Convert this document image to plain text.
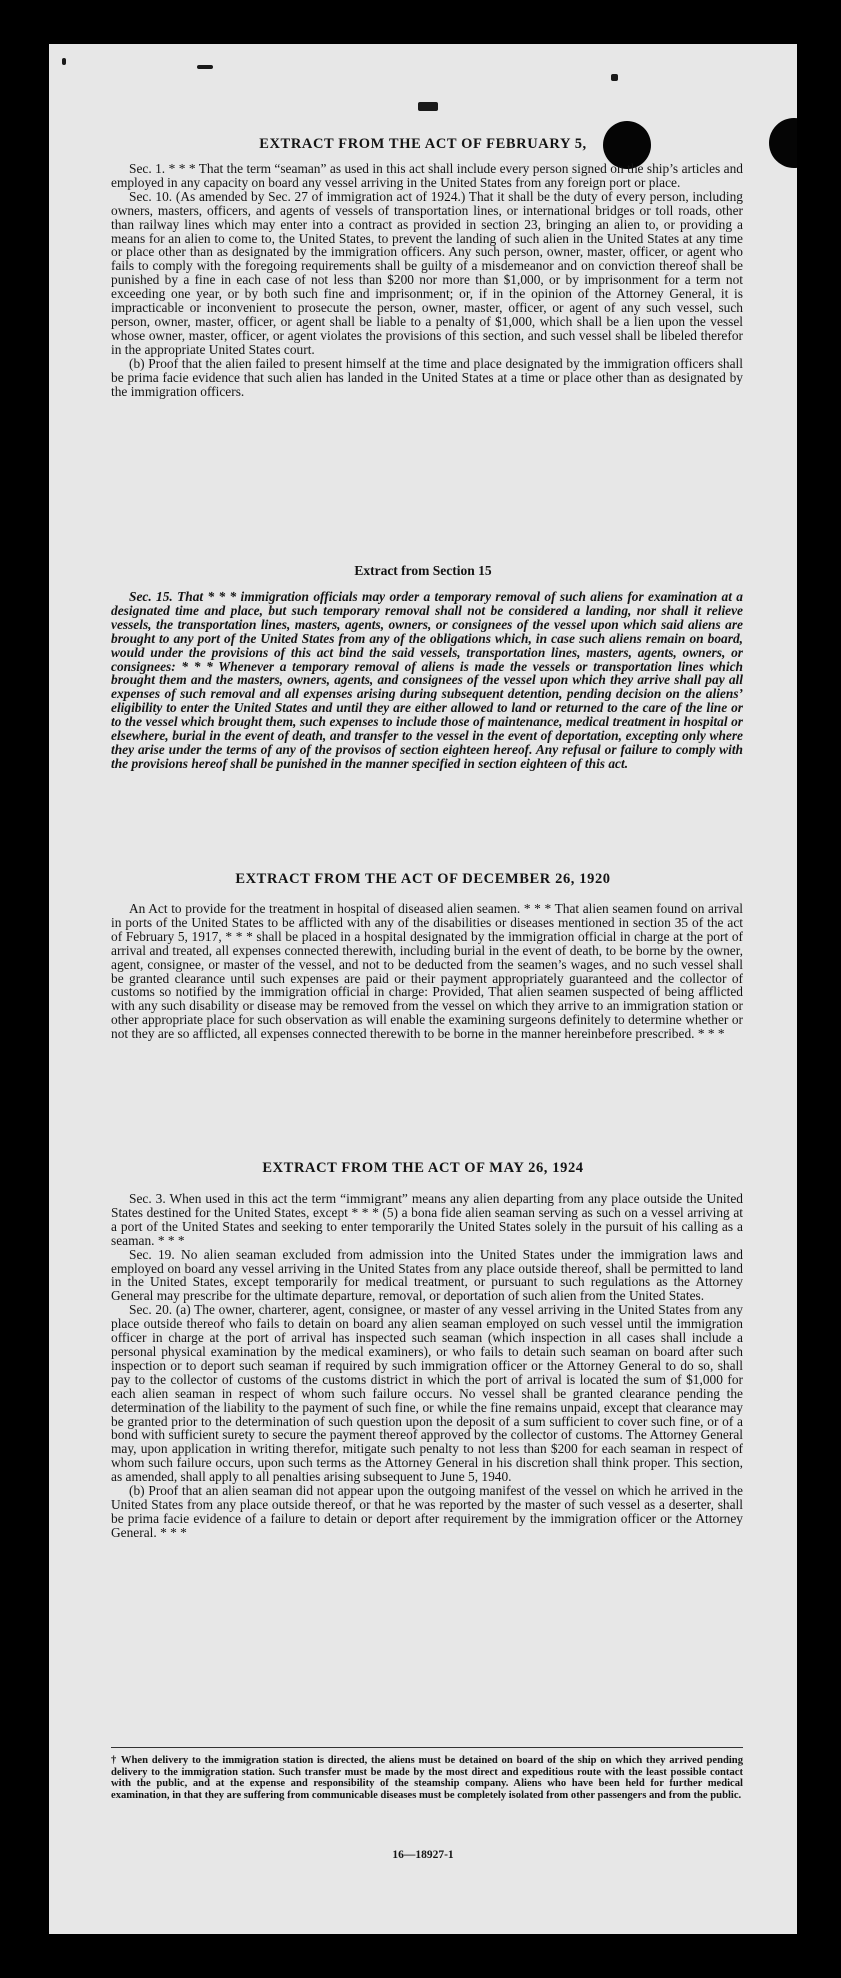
EXTRACT FROM THE ACT OF FEBRUARY 5,

Sec. 1. * * * That the term “seaman” as used in this act shall include every person signed on the ship’s articles and employed in any capacity on board any vessel arriving in the United States from any foreign port or place.

Sec. 10. (As amended by Sec. 27 of immigration act of 1924.) That it shall be the duty of every person, including owners, masters, officers, and agents of vessels of transportation lines, or international bridges or toll roads, other than railway lines which may enter into a contract as provided in section 23, bringing an alien to, or providing a means for an alien to come to, the United States, to prevent the landing of such alien in the United States at any time or place other than as designated by the immigration officers. Any such person, owner, master, officer, or agent who fails to comply with the foregoing requirements shall be guilty of a misdemeanor and on conviction thereof shall be punished by a fine in each case of not less than $200 nor more than $1,000, or by imprisonment for a term not exceeding one year, or by both such fine and imprisonment; or, if in the opinion of the Attorney General, it is impracticable or inconvenient to prosecute the person, owner, master, officer, or agent of any such vessel, such person, owner, master, officer, or agent shall be liable to a penalty of $1,000, which shall be a lien upon the vessel whose owner, master, officer, or agent violates the provisions of this section, and such vessel shall be libeled therefor in the appropriate United States court.

(b) Proof that the alien failed to present himself at the time and place designated by the immigration officers shall be prima facie evidence that such alien has landed in the United States at a time or place other than as designated by the immigration officers.

Extract from Section 15

Sec. 15. That * * * immigration officials may order a temporary removal of such aliens for examination at a designated time and place, but such temporary removal shall not be considered a landing, nor shall it relieve vessels, the transportation lines, masters, agents, owners, or consignees of the vessel upon which said aliens are brought to any port of the United States from any of the obligations which, in case such aliens remain on board, would under the provisions of this act bind the said vessels, transportation lines, masters, agents, owners, or consignees: * * * Whenever a temporary removal of aliens is made the vessels or transportation lines which brought them and the masters, owners, agents, and consignees of the vessel upon which they arrive shall pay all expenses of such removal and all expenses arising during subsequent detention, pending decision on the aliens’ eligibility to enter the United States and until they are either allowed to land or returned to the care of the line or to the vessel which brought them, such expenses to include those of maintenance, medical treatment in hospital or elsewhere, burial in the event of death, and transfer to the vessel in the event of deportation, excepting only where they arise under the terms of any of the provisos of section eighteen hereof. Any refusal or failure to comply with the provisions hereof shall be punished in the manner specified in section eighteen of this act.

EXTRACT FROM THE ACT OF DECEMBER 26, 1920

An Act to provide for the treatment in hospital of diseased alien seamen. * * * That alien seamen found on arrival in ports of the United States to be afflicted with any of the disabilities or diseases mentioned in section 35 of the act of February 5, 1917, * * * shall be placed in a hospital designated by the immigration official in charge at the port of arrival and treated, all expenses connected therewith, including burial in the event of death, to be borne by the owner, agent, consignee, or master of the vessel, and not to be deducted from the seamen’s wages, and no such vessel shall be granted clearance until such expenses are paid or their payment appropriately guaranteed and the collector of customs so notified by the immigration official in charge: Provided, That alien seamen suspected of being afflicted with any such disability or disease may be removed from the vessel on which they arrive to an immigration station or other appropriate place for such observation as will enable the examining surgeons definitely to determine whether or not they are so afflicted, all expenses connected therewith to be borne in the manner hereinbefore prescribed. * * *

EXTRACT FROM THE ACT OF MAY 26, 1924

Sec. 3. When used in this act the term “immigrant” means any alien departing from any place outside the United States destined for the United States, except * * * (5) a bona fide alien seaman serving as such on a vessel arriving at a port of the United States and seeking to enter temporarily the United States solely in the pursuit of his calling as a seaman. * * *

Sec. 19. No alien seaman excluded from admission into the United States under the immigration laws and employed on board any vessel arriving in the United States from any place outside thereof, shall be permitted to land in the United States, except temporarily for medical treatment, or pursuant to such regulations as the Attorney General may prescribe for the ultimate departure, removal, or deportation of such alien from the United States.

Sec. 20. (a) The owner, charterer, agent, consignee, or master of any vessel arriving in the United States from any place outside thereof who fails to detain on board any alien seaman employed on such vessel until the immigration officer in charge at the port of arrival has inspected such seaman (which inspection in all cases shall include a personal physical examination by the medical examiners), or who fails to detain such seaman on board after such inspection or to deport such seaman if required by such immigration officer or the Attorney General to do so, shall pay to the collector of customs of the customs district in which the port of arrival is located the sum of $1,000 for each alien seaman in respect of whom such failure occurs. No vessel shall be granted clearance pending the determination of the liability to the payment of such fine, or while the fine remains unpaid, except that clearance may be granted prior to the determination of such question upon the deposit of a sum sufficient to cover such fine, or of a bond with sufficient surety to secure the payment thereof approved by the collector of customs. The Attorney General may, upon application in writing therefor, mitigate such penalty to not less than $200 for each seaman in respect of whom such failure occurs, upon such terms as the Attorney General in his discretion shall think proper. This section, as amended, shall apply to all penalties arising subsequent to June 5, 1940.

(b) Proof that an alien seaman did not appear upon the outgoing manifest of the vessel on which he arrived in the United States from any place outside thereof, or that he was reported by the master of such vessel as a deserter, shall be prima facie evidence of a failure to detain or deport after requirement by the immigration officer or the Attorney General. * * *

† When delivery to the immigration station is directed, the aliens must be detained on board of the ship on which they arrived pending delivery to the immigration station. Such transfer must be made by the most direct and expeditious route with the least possible contact with the public, and at the expense and responsibility of the steamship company. Aliens who have been held for further medical examination, in that they are suffering from communicable diseases must be completely isolated from other passengers and from the public.
16—18927-1
